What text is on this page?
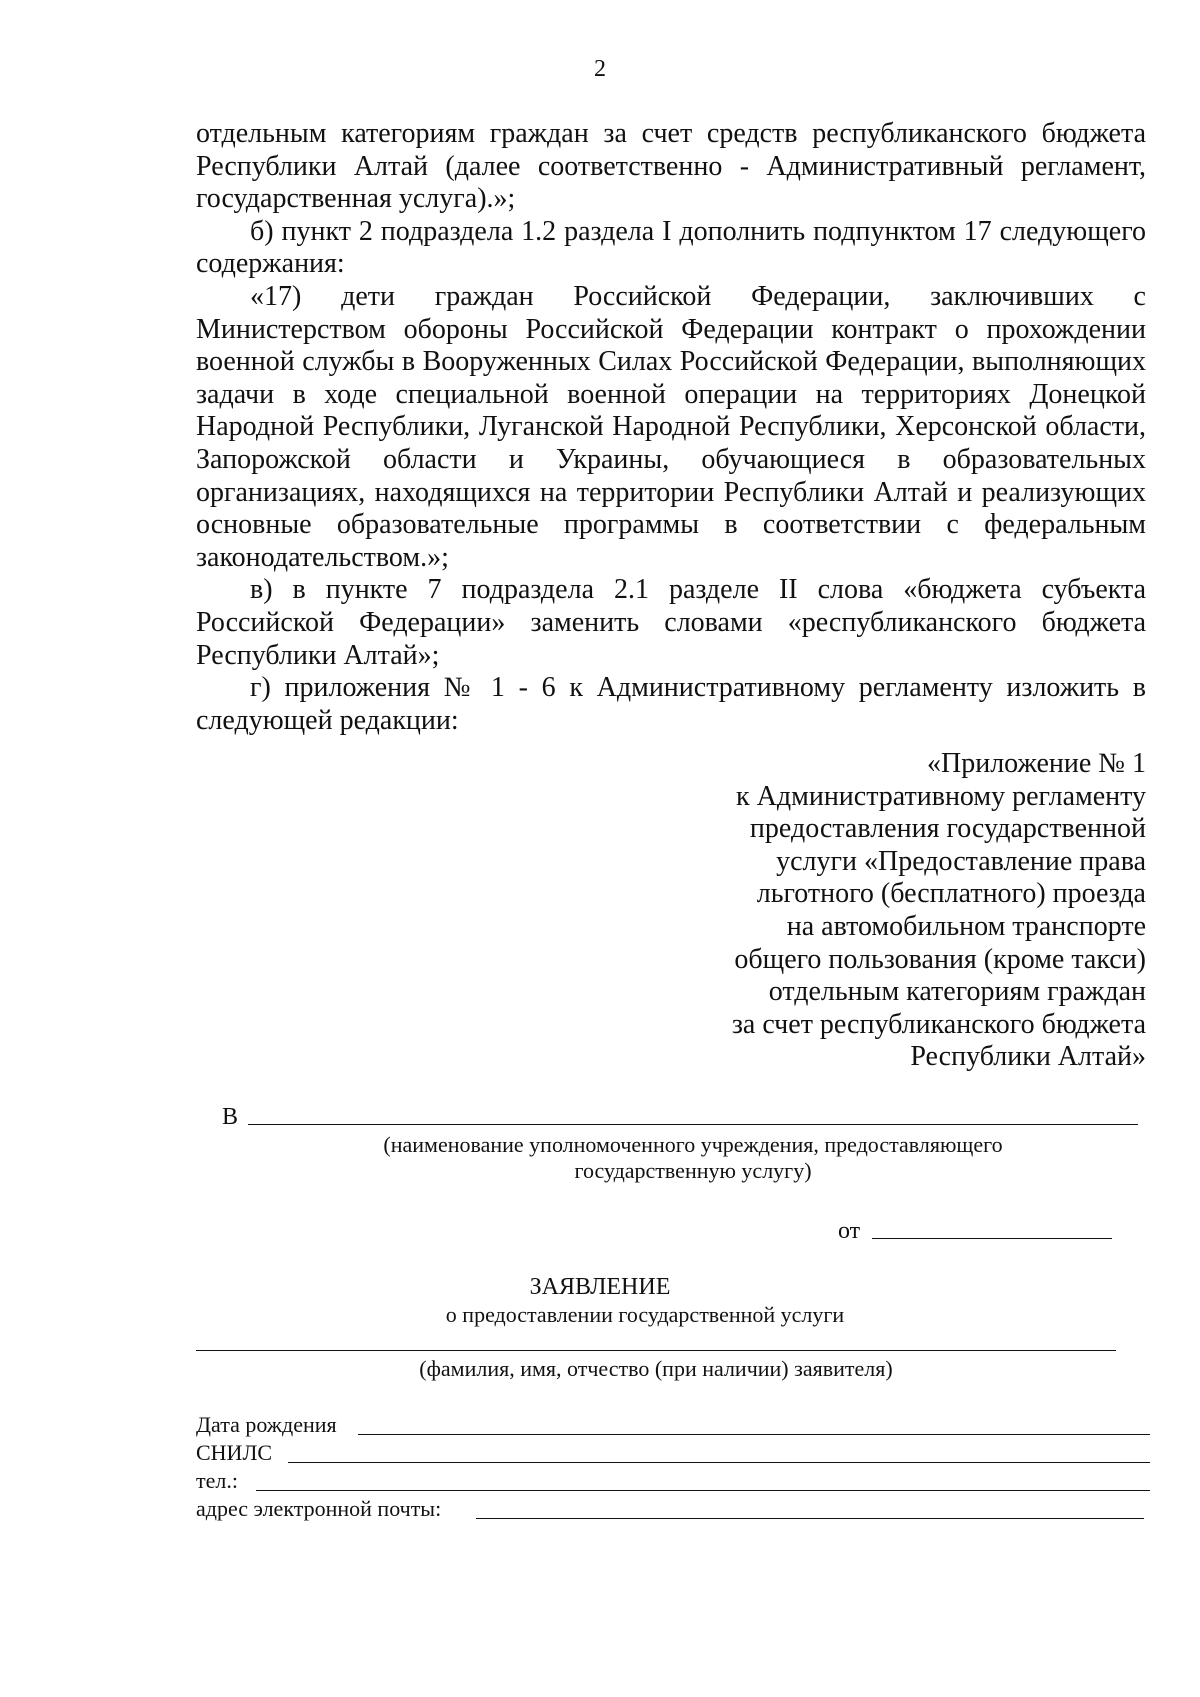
2

отдельным категориям граждан за счет средств республиканского бюджета Республики Алтай (далее соответственно - Административный регламент, государственная услуга).»;

б) пункт 2 подраздела 1.2 раздела I дополнить подпунктом 17 следующего содержания:

«17) дети граждан Российской Федерации, заключивших с Министерством обороны Российской Федерации контракт о прохождении военной службы в Вооруженных Силах Российской Федерации, выполняющих задачи в ходе специальной военной операции на территориях Донецкой Народной Республики, Луганской Народной Республики, Херсонской области, Запорожской области и Украины, обучающиеся в образовательных организациях, находящихся на территории Республики Алтай и реализующих основные образовательные программы в соответствии с федеральным законодательством.»;

в) в пункте 7 подраздела 2.1 разделе II слова «бюджета субъекта Российской Федерации» заменить словами «республиканского бюджета Республики Алтай»;

г) приложения № 1 - 6 к Административному регламенту изложить в следующей редакции:

«Приложение № 1
к Административному регламенту
предоставления государственной
услуги «Предоставление права
льготного (бесплатного) проезда
на автомобильном транспорте
общего пользования (кроме такси)
отдельным категориям граждан
за счет республиканского бюджета
Республики Алтай»
В
(наименование уполномоченного учреждения, предоставляющего
государственную услугу)
от
ЗАЯВЛЕНИЕ
о предоставлении государственной услуги
(фамилия, имя, отчество (при наличии) заявителя)
Дата рождения
СНИЛС
тел.:
адрес электронной почты:
